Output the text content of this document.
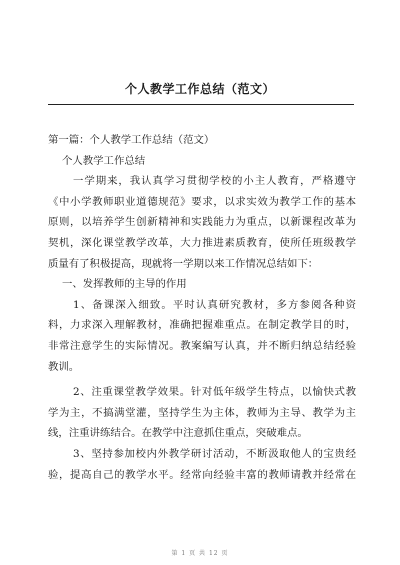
个人教学工作总结（范文）
第一篇：个人教学工作总结（范文）
个人教学工作总结
一学期来，我认真学习贯彻学校的小主人教育，严格遵守
《中小学教师职业道德规范》要求，以求实效为教学工作的基本
原则，以培养学生创新精神和实践能力为重点，以新课程改革为
契机，深化课堂教学改革，大力推进素质教育，使所任班级教学
质量有了积极提高，现就将一学期以来工作情况总结如下：
一、发挥教师的主导的作用
1、备课深入细致。平时认真研究教材，多方参阅各种资
料，力求深入理解教材，准确把握难重点。在制定教学目的时，
非常注意学生的实际情况。教案编写认真，并不断归纳总结经验
教训。
2、注重课堂教学效果。针对低年级学生特点，以愉快式教
学为主，不搞满堂灌，坚持学生为主体，教师为主导、教学为主
线，注重讲练结合。在教学中注意抓住重点，突破难点。
3、坚持参加校内外教学研讨活动，不断汲取他人的宝贵经
验，提高自己的教学水平。经常向经验丰富的教师请教并经常在
第 1 页 共 12 页
